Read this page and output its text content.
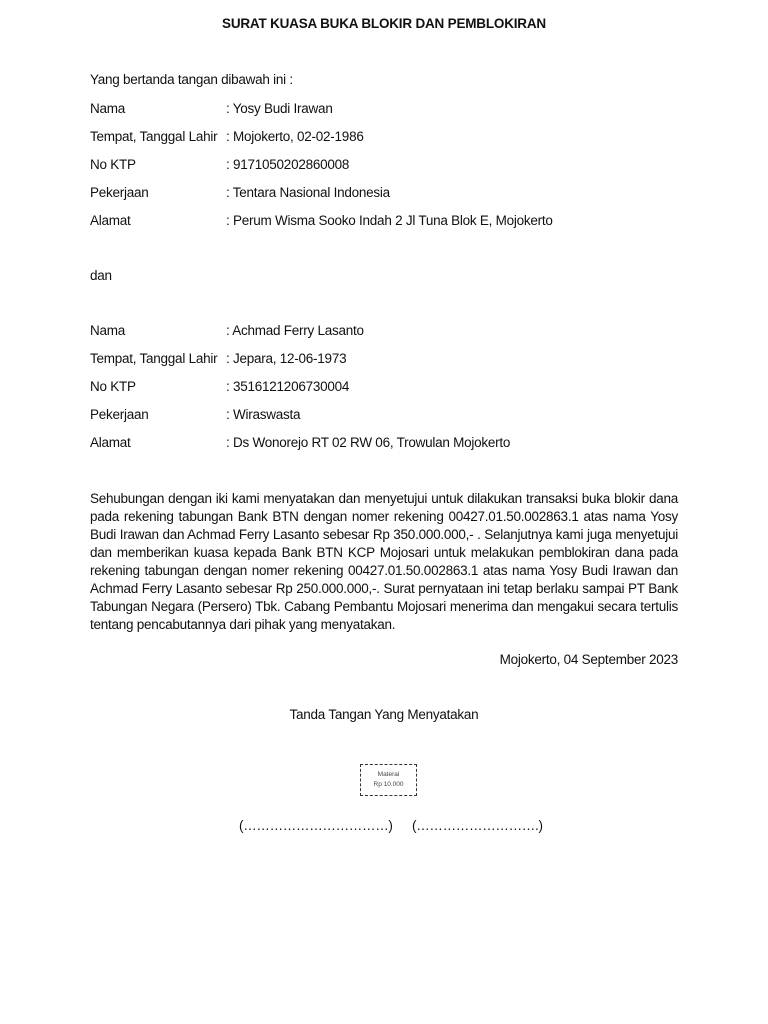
SURAT KUASA BUKA BLOKIR DAN PEMBLOKIRAN
Yang bertanda tangan dibawah ini :
Nama	: Yosy Budi Irawan
Tempat, Tanggal Lahir : Mojokerto, 02-02-1986
No KTP	: 9171050202860008
Pekerjaan	: Tentara Nasional Indonesia
Alamat	: Perum Wisma Sooko Indah 2 Jl Tuna Blok E, Mojokerto
dan
Nama	: Achmad Ferry Lasanto
Tempat, Tanggal Lahir : Jepara, 12-06-1973
No KTP	: 3516121206730004
Pekerjaan	: Wiraswasta
Alamat	: Ds Wonorejo RT 02 RW 06, Trowulan Mojokerto
Sehubungan dengan iki kami menyatakan dan menyetujui untuk dilakukan transaksi buka blokir dana pada rekening tabungan Bank BTN dengan nomer rekening 00427.01.50.002863.1 atas nama Yosy Budi Irawan dan Achmad Ferry Lasanto sebesar Rp 350.000.000,- . Selanjutnya kami juga menyetujui dan memberikan kuasa kepada Bank BTN KCP Mojosari untuk melakukan pemblokiran dana pada rekening tabungan dengan nomer rekening 00427.01.50.002863.1 atas nama Yosy Budi Irawan dan Achmad Ferry Lasanto sebesar Rp 250.000.000,-. Surat pernyataan ini tetap berlaku sampai PT Bank Tabungan Negara (Persero) Tbk. Cabang Pembantu Mojosari menerima dan mengakui secara tertulis tentang pencabutannya dari pihak yang menyatakan.
Mojokerto, 04 September 2023
Tanda Tangan Yang Menyatakan
Materai
Rp 10.000
(……………………………) (……………………….)
